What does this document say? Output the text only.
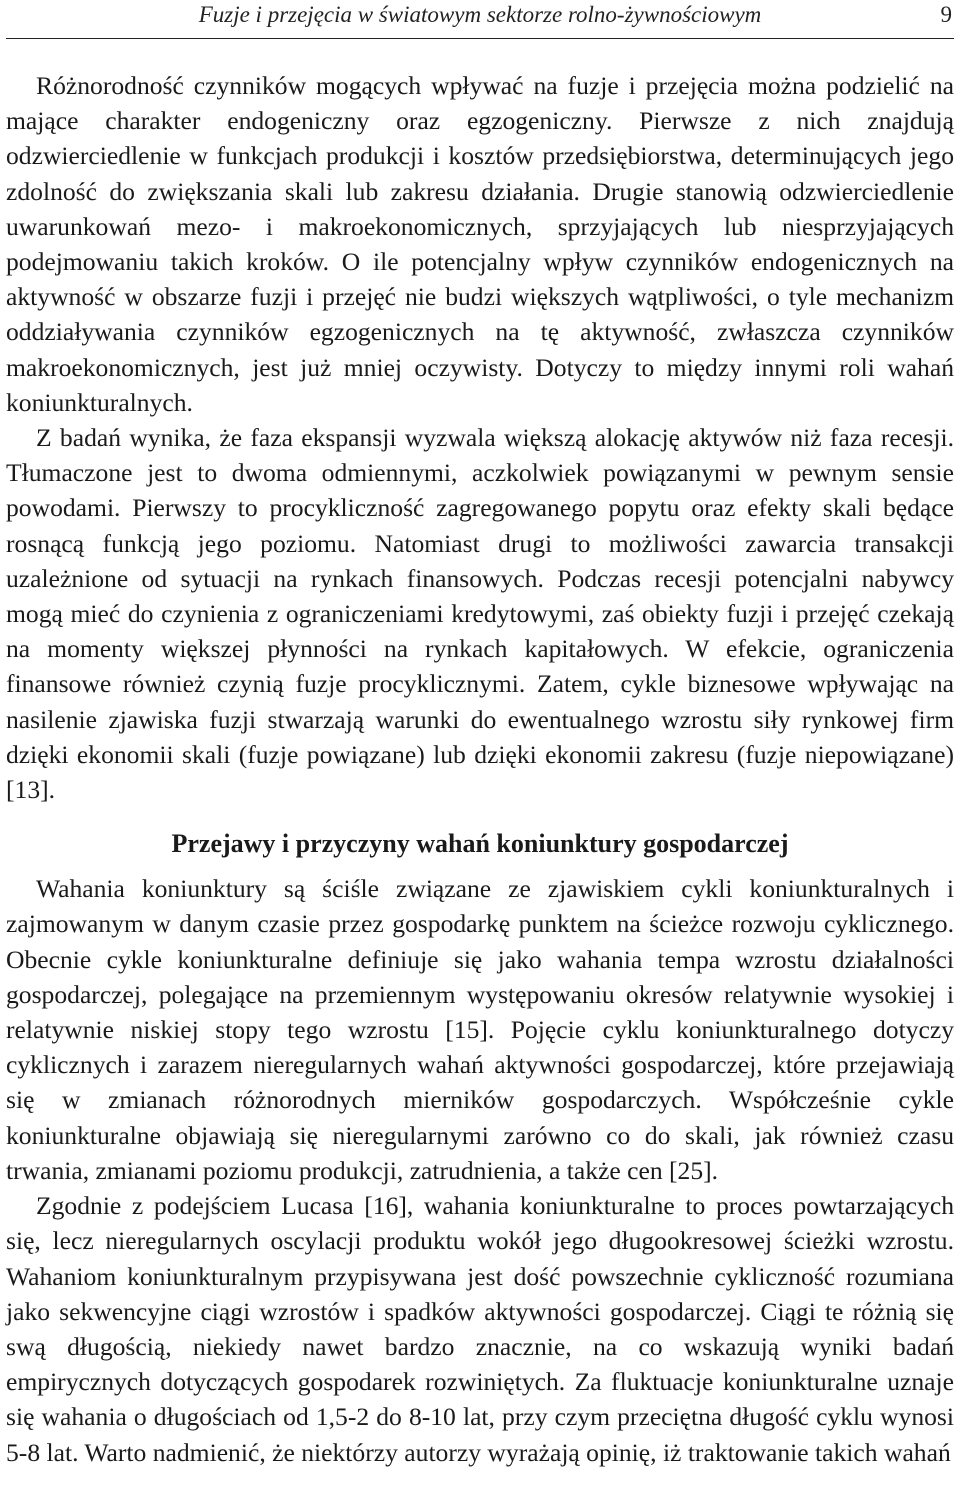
Fuzje i przejęcia w światowym sektorze rolno-żywnościowym	9

Różnorodność czynników mogących wpływać na fuzje i przejęcia można podzielić na mające charakter endogeniczny oraz egzogeniczny. Pierwsze z nich znajdują odzwierciedlenie w funkcjach produkcji i kosztów przedsiębiorstwa, determinujących jego zdolność do zwiększania skali lub zakresu działania. Drugie stanowią odzwierciedlenie uwarunkowań mezo- i makroekonomicznych, sprzyjających lub niesprzyjających podejmowaniu takich kroków. O ile potencjalny wpływ czynników endogenicznych na aktywność w obszarze fuzji i przejęć nie budzi większych wątpliwości, o tyle mechanizm oddziaływania czynników egzogenicznych na tę aktywność, zwłaszcza czynników makroekonomicznych, jest już mniej oczywisty. Dotyczy to między innymi roli wahań koniunkturalnych.

Z badań wynika, że faza ekspansji wyzwala większą alokację aktywów niż faza recesji. Tłumaczone jest to dwoma odmiennymi, aczkolwiek powiązanymi w pewnym sensie powodami. Pierwszy to procykliczność zagregowanego popytu oraz efekty skali będące rosnącą funkcją jego poziomu. Natomiast drugi to możliwości zawarcia transakcji uzależnione od sytuacji na rynkach finansowych. Podczas recesji potencjalni nabywcy mogą mieć do czynienia z ograniczeniami kredytowymi, zaś obiekty fuzji i przejęć czekają na momenty większej płynności na rynkach kapitałowych. W efekcie, ograniczenia finansowe również czynią fuzje procyklicznymi. Zatem, cykle biznesowe wpływając na nasilenie zjawiska fuzji stwarzają warunki do ewentualnego wzrostu siły rynkowej firm dzięki ekonomii skali (fuzje powiązane) lub dzięki ekonomii zakresu (fuzje niepowiązane) [13].

Przejawy i przyczyny wahań koniunktury gospodarczej

Wahania koniunktury są ściśle związane ze zjawiskiem cykli koniunkturalnych i zajmowanym w danym czasie przez gospodarkę punktem na ścieżce rozwoju cyklicznego. Obecnie cykle koniunkturalne definiuje się jako wahania tempa wzrostu działalności gospodarczej, polegające na przemiennym występowaniu okresów relatywnie wysokiej i relatywnie niskiej stopy tego wzrostu [15]. Pojęcie cyklu koniunkturalnego dotyczy cyklicznych i zarazem nieregularnych wahań aktywności gospodarczej, które przejawiają się w zmianach różnorodnych mierników gospodarczych. Współcześnie cykle koniunkturalne objawiają się nieregularnymi zarówno co do skali, jak również czasu trwania, zmianami poziomu produkcji, zatrudnienia, a także cen [25].

Zgodnie z podejściem Lucasa [16], wahania koniunkturalne to proces powtarzających się, lecz nieregularnych oscylacji produktu wokół jego długookresowej ścieżki wzrostu. Wahaniom koniunkturalnym przypisywana jest dość powszechnie cykliczność rozumiana jako sekwencyjne ciągi wzrostów i spadków aktywności gospodarczej. Ciągi te różnią się swą długością, niekiedy nawet bardzo znacznie, na co wskazują wyniki badań empirycznych dotyczących gospodarek rozwiniętych. Za fluktuacje koniunkturalne uznaje się wahania o długościach od 1,5-2 do 8-10 lat, przy czym przeciętna długość cyklu wynosi 5-8 lat. Warto nadmienić, że niektórzy autorzy wyrażają opinię, iż traktowanie takich wahań
